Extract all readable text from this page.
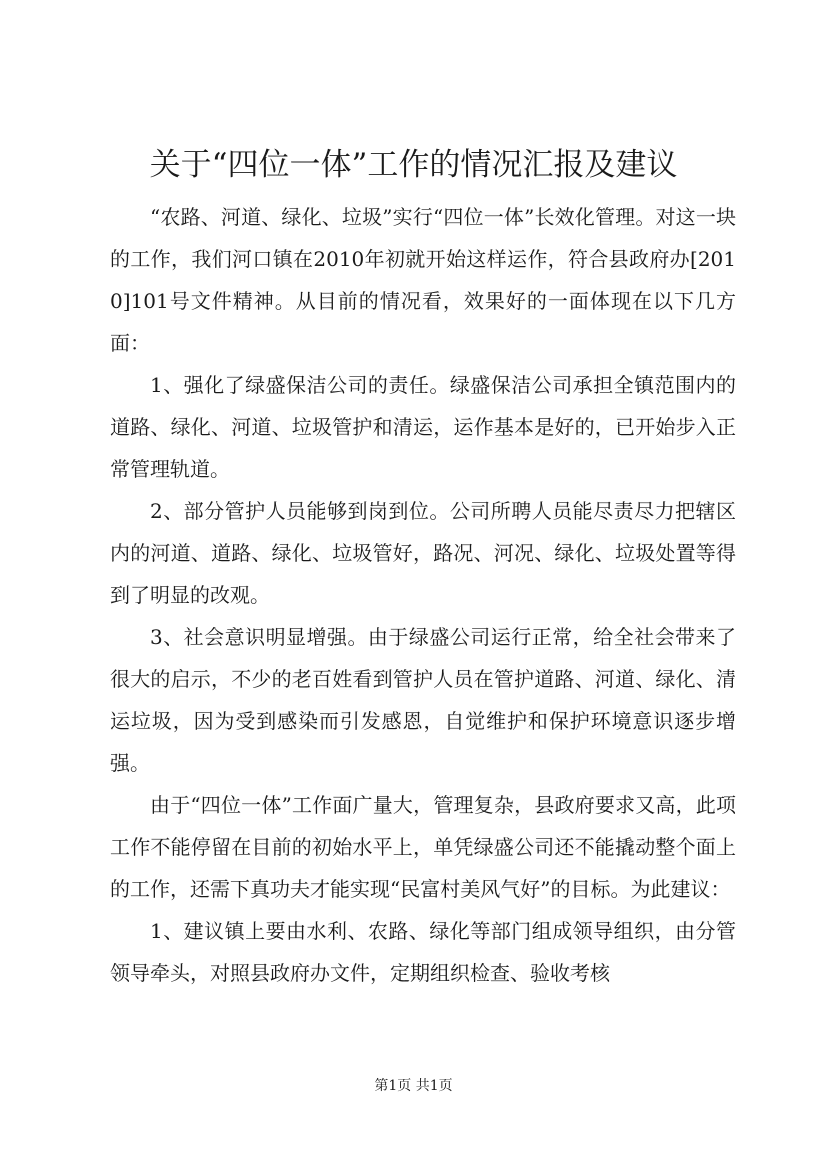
关于“四位一体”工作的情况汇报及建议

“农路、河道、绿化、垃圾”实行“四位一体”长效化管理。对这一块的工作，我们河口镇在2010年初就开始这样运作，符合县政府办[2010]101号文件精神。从目前的情况看，效果好的一面体现在以下几方面：

1、强化了绿盛保洁公司的责任。绿盛保洁公司承担全镇范围内的道路、绿化、河道、垃圾管护和清运，运作基本是好的，已开始步入正常管理轨道。

2、部分管护人员能够到岗到位。公司所聘人员能尽责尽力把辖区内的河道、道路、绿化、垃圾管好，路况、河况、绿化、垃圾处置等得到了明显的改观。

3、社会意识明显增强。由于绿盛公司运行正常，给全社会带来了很大的启示，不少的老百姓看到管护人员在管护道路、河道、绿化、清运垃圾，因为受到感染而引发感恩，自觉维护和保护环境意识逐步增强。

由于“四位一体”工作面广量大，管理复杂，县政府要求又高，此项工作不能停留在目前的初始水平上，单凭绿盛公司还不能撬动整个面上的工作，还需下真功夫才能实现“民富村美风气好”的目标。为此建议：

1、建议镇上要由水利、农路、绿化等部门组成领导组织，由分管领导牵头，对照县政府办文件，定期组织检查、验收考核

第1页 共1页
